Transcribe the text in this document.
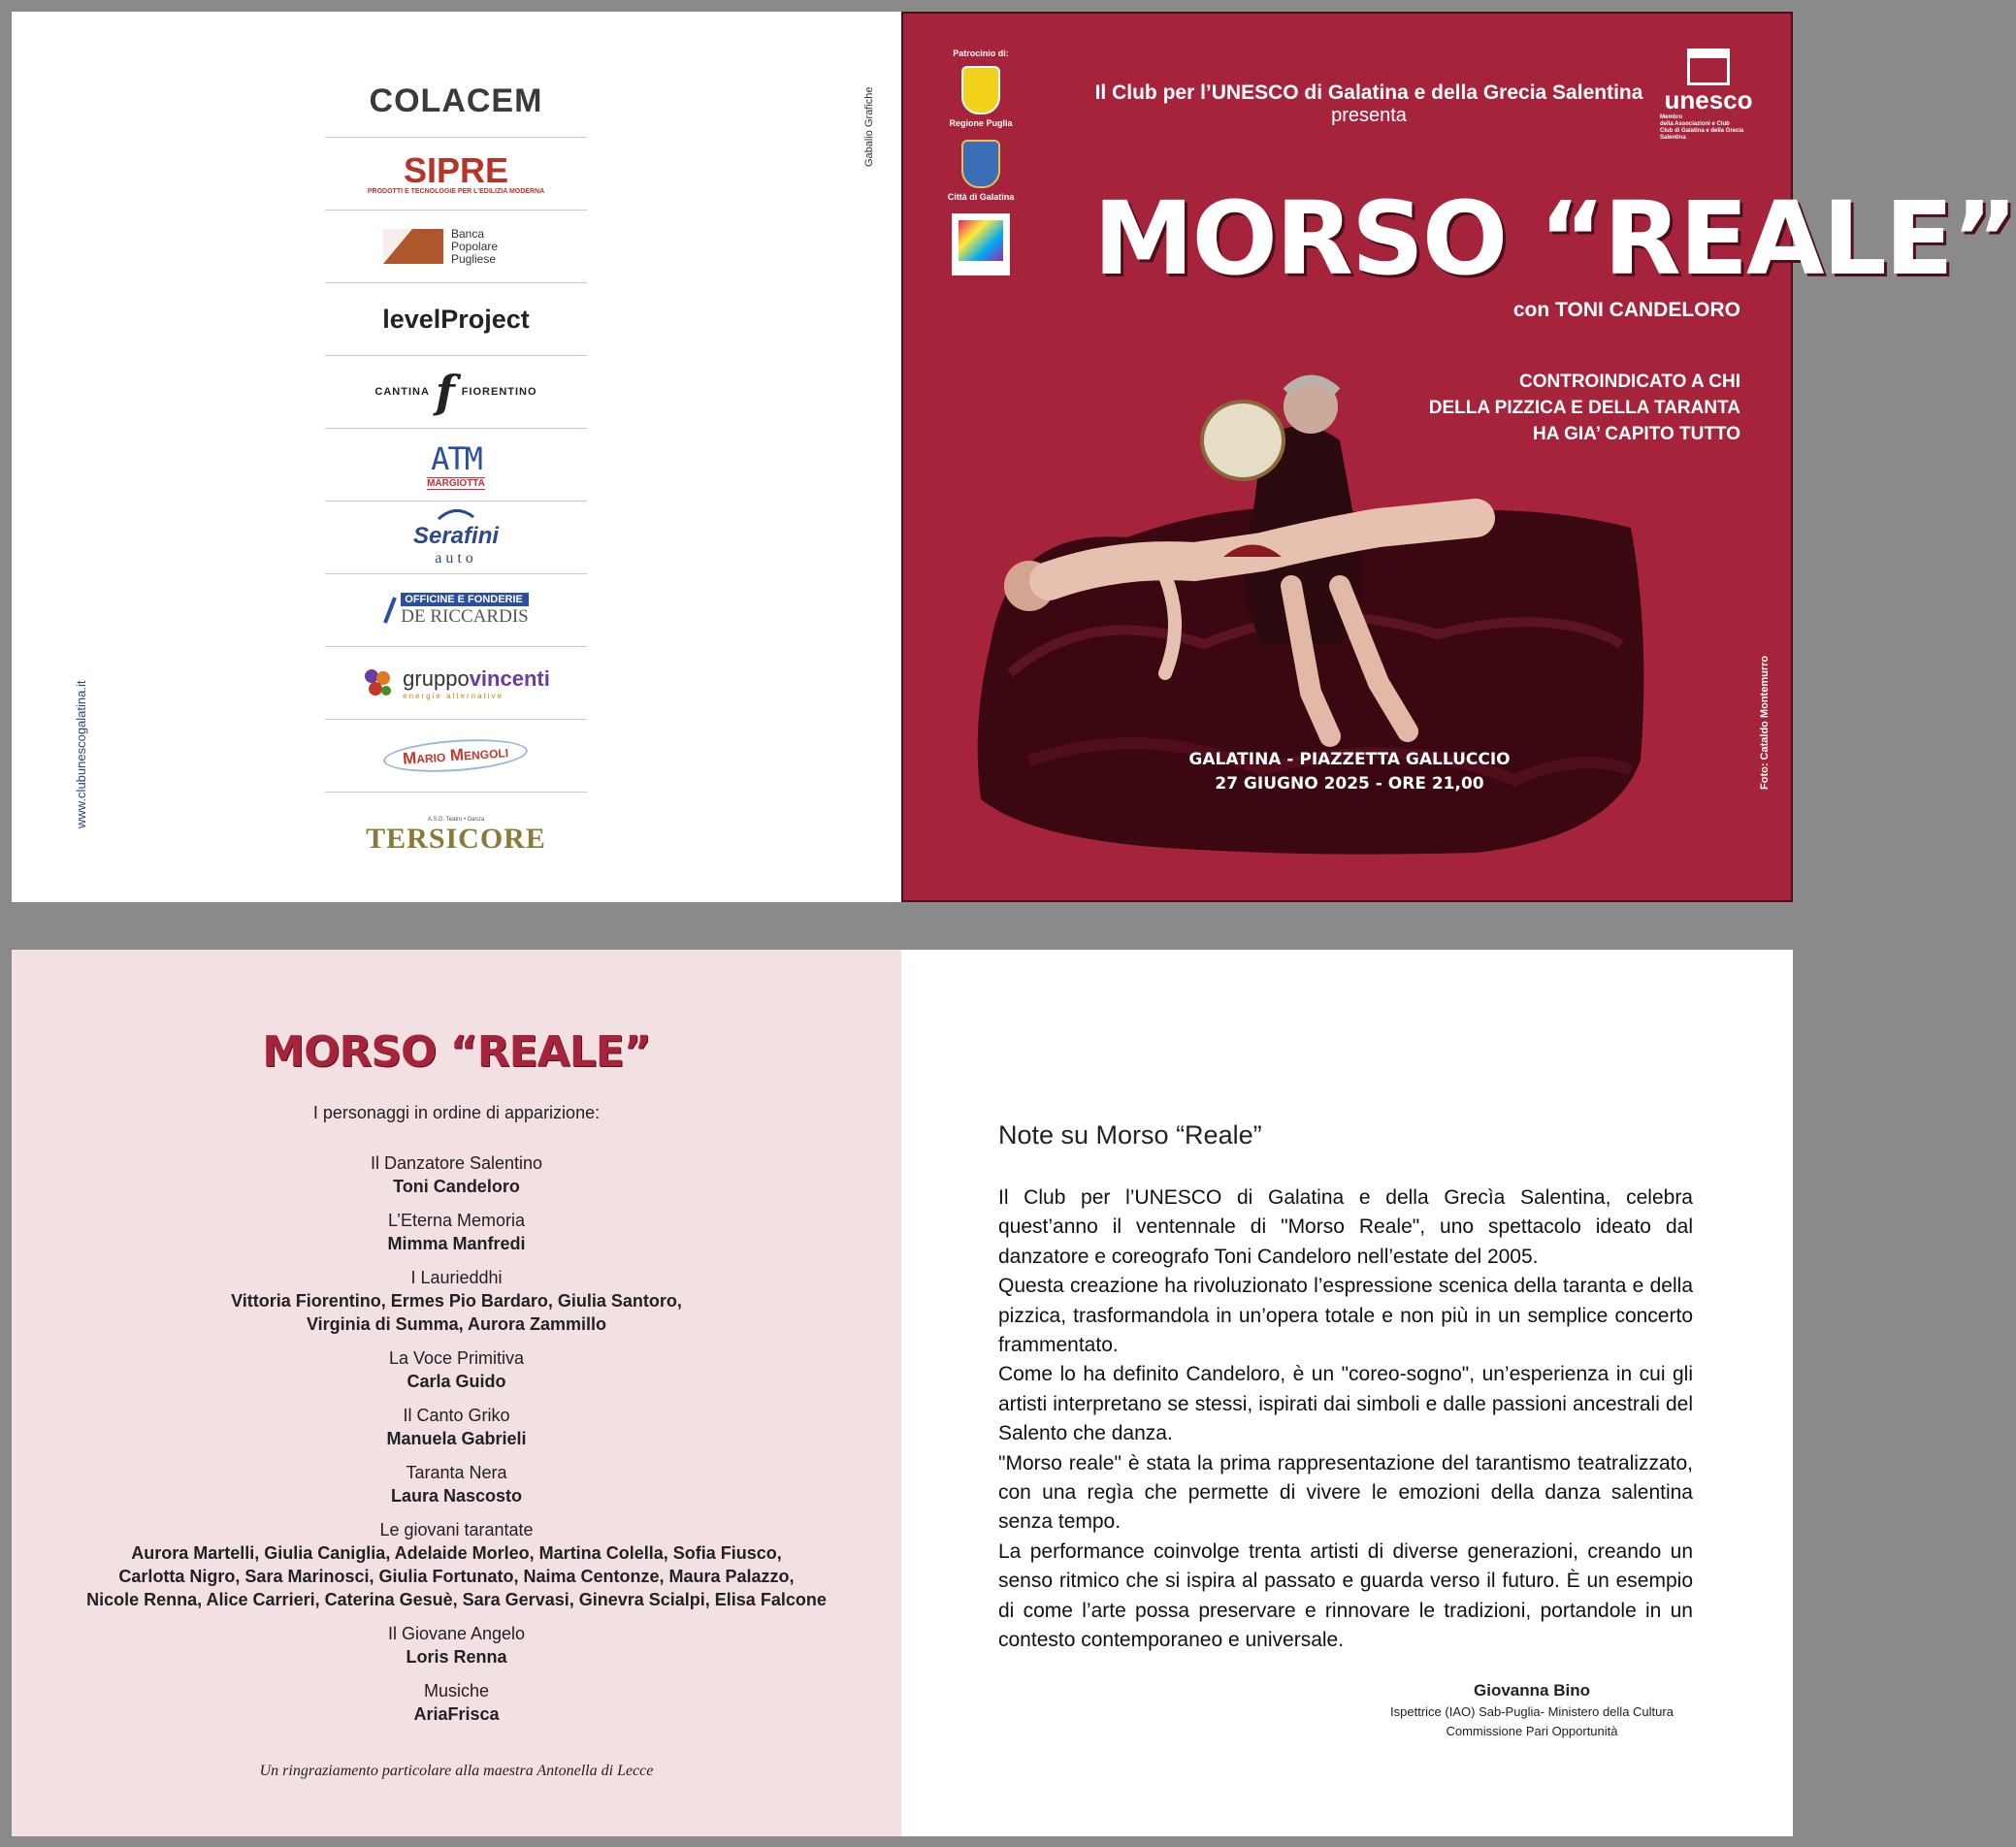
COLACEM
SIPRE
PRODOTTI E TECNOLOGIE PER L'EDILIZIA MODERNA
Banca Popolare Pugliese
levelProject
CANTINA f FIORENTINO
ATM
MARGIOTTA
Serafini
auto
OFFICINE E FONDERIE
DE RICCARDIS
gruppovincenti
energie alternative
Mario Mengoli
A.S.D. Teatro • Danza
TERSICORE
www.clubunescogalatina.it
Gabalio Grafiche
Patrocinio di:
Regione Puglia
Città di Galatina
Il Club per l’UNESCO di Galatina e della Grecia Salentina
presenta
unesco
Membro
della Associazioni e Club
Club di Galatina e della Grecia Salentina
MORSO “REALE”
con TONI CANDELORO
CONTROINDICATO A CHI
DELLA PIZZICA E DELLA TARANTA
HA GIA’ CAPITO TUTTO
GALATINA - PIAZZETTA GALLUCCIO
27 GIUGNO 2025 - ORE 21,00	Foto: Cataldo Montemurro
MORSO “REALE”
I personaggi in ordine di apparizione:
Il Danzatore Salentino
Toni Candeloro
L’Eterna Memoria
Mimma Manfredi
I Laurieddhi
Vittoria Fiorentino, Ermes Pio Bardaro, Giulia Santoro,
Virginia di Summa, Aurora Zammillo
La Voce Primitiva
Carla Guido
Il Canto Griko
Manuela Gabrieli
Taranta Nera
Laura Nascosto
Le giovani tarantate
Aurora Martelli, Giulia Caniglia, Adelaide Morleo, Martina Colella, Sofia Fiusco,
Carlotta Nigro, Sara Marinosci, Giulia Fortunato, Naima Centonze, Maura Palazzo,
Nicole Renna, Alice Carrieri, Caterina Gesuè, Sara Gervasi, Ginevra Scialpi, Elisa Falcone
Il Giovane Angelo
Loris Renna
Musiche
AriaFrisca
Un ringraziamento particolare alla maestra Antonella di Lecce
Note su Morso “Reale”

Il Club per l’UNESCO di Galatina e della Grecìa Salentina, celebra quest’anno il ventennale di "Morso Reale", uno spettacolo ideato dal danzatore e coreografo Toni Candeloro nell’estate del 2005.

Questa creazione ha rivoluzionato l’espressione scenica della taranta e della pizzica, trasformandola in un’opera totale e non più in un semplice concerto frammentato.

Come lo ha definito Candeloro, è un "coreo-sogno", un’esperienza in cui gli artisti interpretano se stessi, ispirati dai simboli e dalle passioni ancestrali del Salento che danza.

"Morso reale" è stata la prima rappresentazione del tarantismo teatralizzato, con una regìa che permette di vivere le emozioni della danza salentina senza tempo.

La performance coinvolge trenta artisti di diverse generazioni, creando un senso ritmico che si ispira al passato e guarda verso il futuro. È un esempio di come l’arte possa preservare e rinnovare le tradizioni, portandole in un contesto contemporaneo e universale.

Giovanna Bino
Ispettrice (IAO) Sab-Puglia- Ministero della Cultura
Commissione Pari Opportunità
